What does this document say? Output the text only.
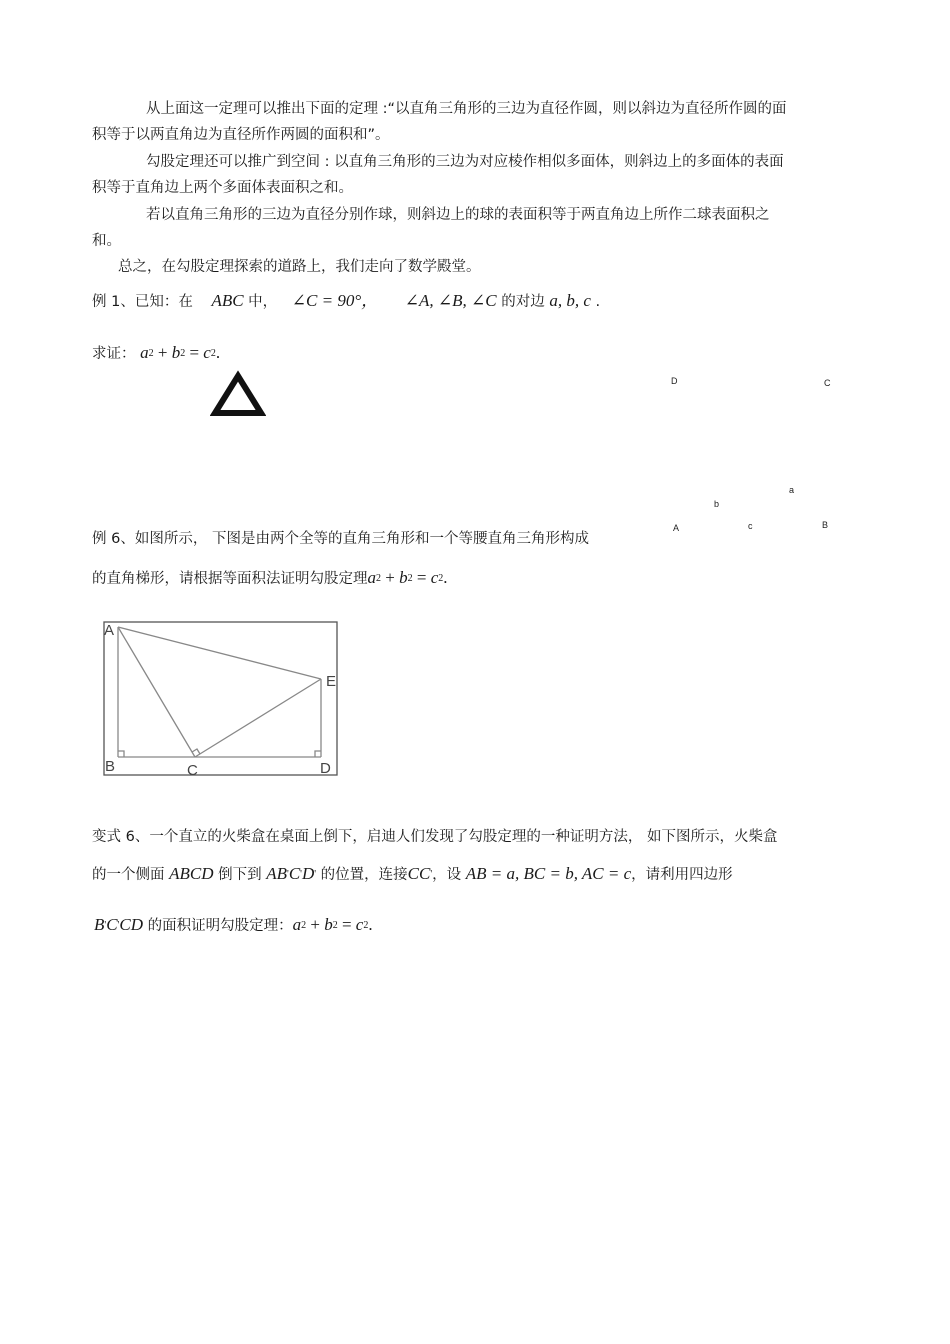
从上面这一定理可以推出下面的定理 :“以直角三角形的三边为直径作圆，则以斜边为直径所作圆的面
积等于以两直角边为直径所作两圆的面积和”。
勾股定理还可以推广到空间 : 以直角三角形的三边为对应棱作相似多面体，则斜边上的多面体的表面
积等于直角边上两个多面体表面积之和。
若以直角三角形的三边为直径分别作球，则斜边上的球的表面积等于两直角边上所作二球表面积之
和。
总之，在勾股定理探索的道路上，我们走向了数学殿堂。
例 1、已知：在 ABC 中， ∠C = 90°， ∠A, ∠B, ∠C 的对边 a, b, c .
求证： a2 + b2 = c2.
D	C
a
b
A	c	B
例 6、如图所示， 下图是由两个全等的直角三角形和一个等腰直角三角形构成
的直角梯形，请根据等面积法证明勾股定理a2 + b2 = c2.
A
E
B	C	D
变式 6、一个直立的火柴盒在桌面上倒下，启迪人们发现了勾股定理的一种证明方法， 如下图所示，火柴盒
的一个侧面 ABCD 倒下到 AB'C'D' 的位置，连接CC'，设 AB = a, BC = b, AC = c，请利用四边形
B'C'CD 的面积证明勾股定理：a2 + b2 = c2.
